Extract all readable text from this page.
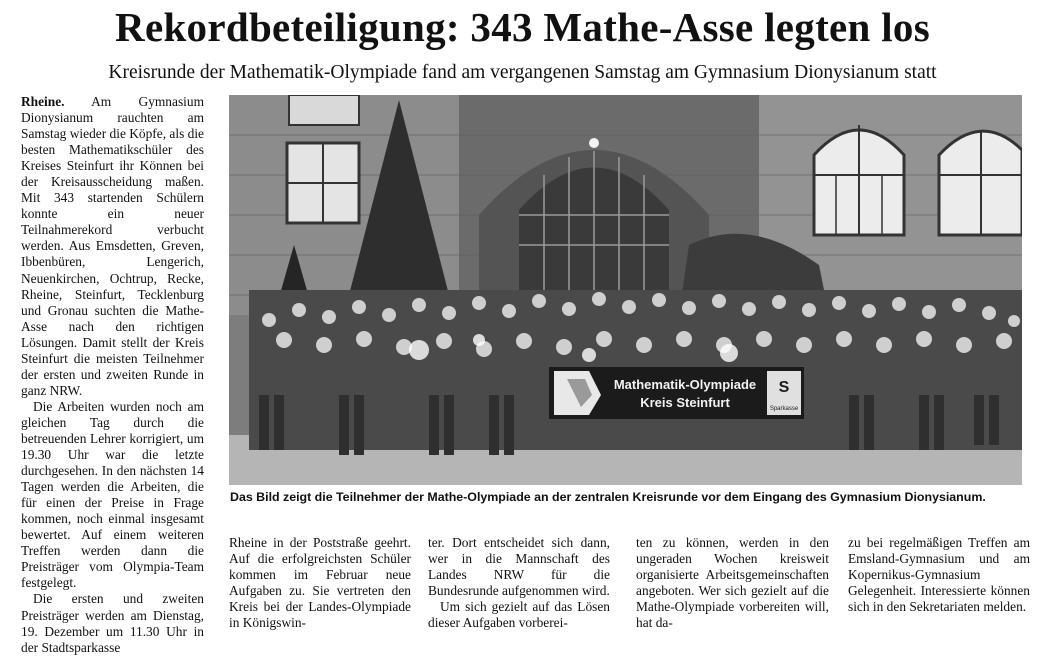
Rekordbeteiligung: 343 Mathe-Asse legten los
Kreisrunde der Mathematik-Olympiade fand am vergangenen Samstag am Gymnasium Dionysianum statt

Rheine. Am Gymnasium Dionysianum rauchten am Samstag wieder die Köpfe, als die besten Mathematikschüler des Kreises Steinfurt ihr Können bei der Kreisausscheidung maßen. Mit 343 startenden Schülern konnte ein neuer Teilnahmerekord verbucht werden. Aus Emsdetten, Greven, Ibbenbüren, Lengerich, Neuenkirchen, Ochtrup, Recke, Rheine, Steinfurt, Tecklenburg und Gronau suchten die Mathe-Asse nach den richtigen Lösungen. Damit stellt der Kreis Steinfurt die meisten Teilnehmer der ersten und zweiten Runde in ganz NRW.

Die Arbeiten wurden noch am gleichen Tag durch die betreuenden Lehrer korrigiert, um 19.30 Uhr war die letzte durchgesehen. In den nächsten 14 Tagen werden die Arbeiten, die für einen der Preise in Frage kommen, noch einmal insgesamt bewertet. Auf einem weiteren Treffen werden dann die Preisträger vom Olympia-Team festgelegt.

Die ersten und zweiten Preisträger werden am Dienstag, 19. Dezember um 11.30 Uhr in der Stadtsparkasse

S
Sparkasse
Mathematik-Olympiade
Kreis Steinfurt

Das Bild zeigt die Teilnehmer der Mathe-Olympiade an der zentralen Kreisrunde vor dem Eingang des Gymnasium Dionysianum.

Rheine in der Poststraße geehrt. Auf die erfolgreichsten Schüler kommen im Februar neue Aufgaben zu. Sie vertreten den Kreis bei der Landes-Olympiade in Königswin-

ter. Dort entscheidet sich dann, wer in die Mannschaft des Landes NRW für die Bundesrunde aufgenommen wird.

Um sich gezielt auf das Lösen dieser Aufgaben vorberei-

ten zu können, werden in den ungeraden Wochen kreisweit organisierte Arbeitsgemeinschaften angeboten. Wer sich gezielt auf die Mathe-Olympiade vorbereiten will, hat da-

zu bei regelmäßigen Treffen am Emsland-Gymnasium und am Kopernikus-Gymnasium Gelegenheit. Interessierte können sich in den Sekretariaten melden.
